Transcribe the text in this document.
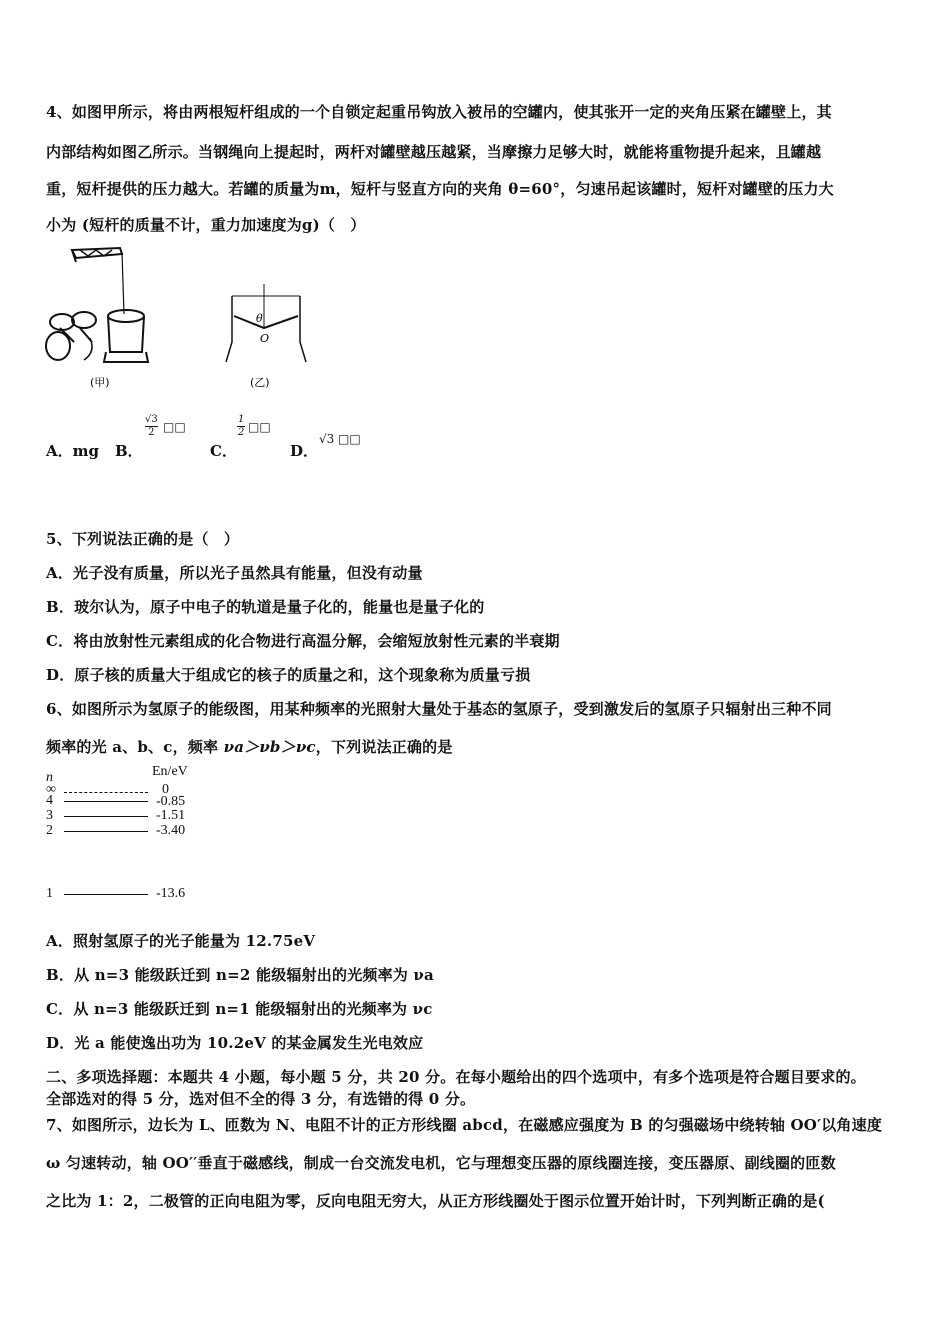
4、如图甲所示，将由两根短杆组成的一个自锁定起重吊钩放入被吊的空罐内，使其张开一定的夹角压紧在罐壁上，其
内部结构如图乙所示。当钢绳向上提起时，两杆对罐壁越压越紧，当摩擦力足够大时，就能将重物提升起来，且罐越
重，短杆提供的压力越大。若罐的质量为m，短杆与竖直方向的夹角 θ=60°，匀速吊起该罐时，短杆对罐壁的压力大
小为 (短杆的质量不计，重力加速度为g)（　）
(甲)
θ
O
(乙)
A．mg B．
$\frac{√3}{2}$ □□
C．
$\frac{1}{2}$ □□
D．
√3 □□
5、下列说法正确的是（　）
A．光子没有质量，所以光子虽然具有能量，但没有动量
B．玻尔认为，原子中电子的轨道是量子化的，能量也是量子化的
C．将由放射性元素组成的化合物进行高温分解，会缩短放射性元素的半衰期
D．原子核的质量大于组成它的核子的质量之和，这个现象称为质量亏损
6、如图所示为氢原子的能级图，用某种频率的光照射大量处于基态的氢原子，受到激发后的氢原子只辐射出三种不同
频率的光 a、b、c，频率 νa＞νb＞νc，下列说法正确的是
n	En/eV
∞	0
4	-0.85
3	-1.51
2	-3.40
1	-13.6
A．照射氢原子的光子能量为 12.75eV
B．从 n=3 能级跃迁到 n=2 能级辐射出的光频率为 νa
C．从 n=3 能级跃迁到 n=1 能级辐射出的光频率为 νc
D．光 a 能使逸出功为 10.2eV 的某金属发生光电效应
二、多项选择题：本题共 4 小题，每小题 5 分，共 20 分。在每小题给出的四个选项中，有多个选项是符合题目要求的。
全部选对的得 5 分，选对但不全的得 3 分，有选错的得 0 分。
7、如图所示，边长为 L、匝数为 N、电阻不计的正方形线圈 abcd，在磁感应强度为 B 的匀强磁场中绕转轴 OO′以角速度
ω 匀速转动，轴 OO′′垂直于磁感线，制成一台交流发电机，它与理想变压器的原线圈连接，变压器原、副线圈的匝数
之比为 1：2，二极管的正向电阻为零，反向电阻无穷大，从正方形线圈处于图示位置开始计时，下列判断正确的是(
